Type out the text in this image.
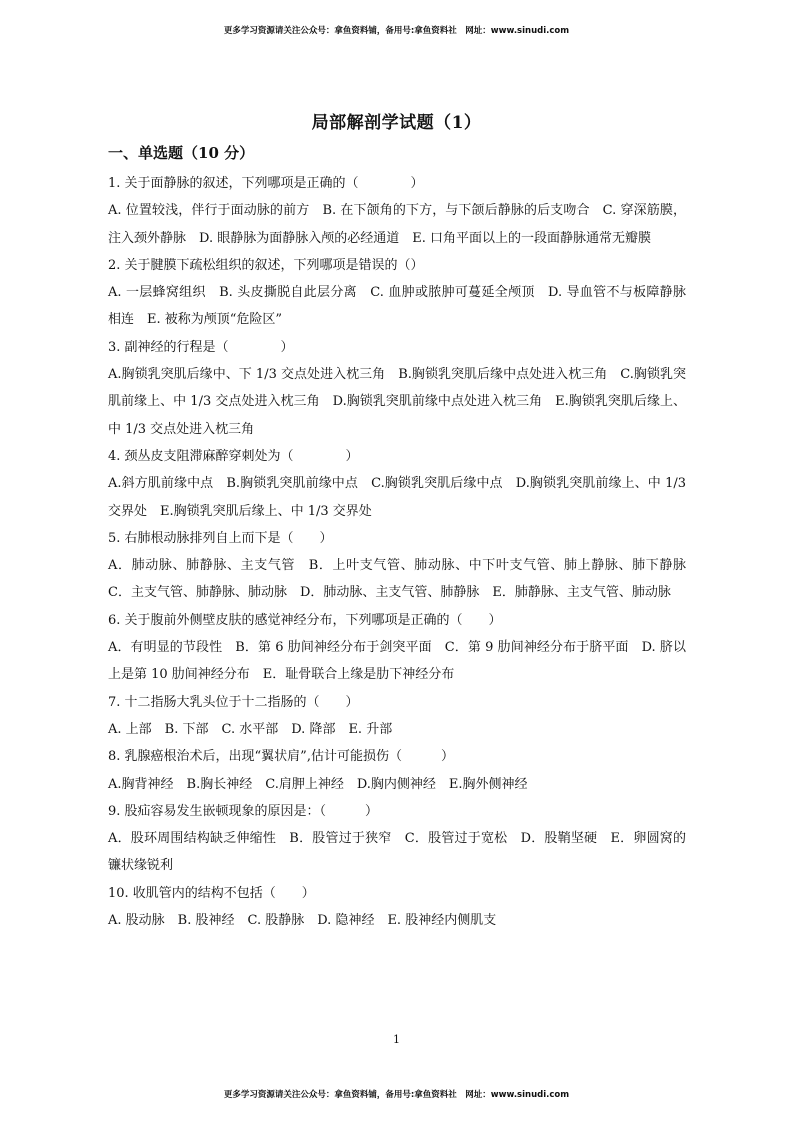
更多学习资源请关注公众号：拿鱼资料铺，备用号:拿鱼资料社　网址：www.sinudi.com
局部解剖学试题（1）
一、单选题（10 分）

1. 关于面静脉的叙述，下列哪项是正确的（　　　　）

A. 位置较浅，伴行于面动脉的前方　B. 在下颌角的下方，与下颌后静脉的后支吻合　C. 穿深筋膜，注入颈外静脉　D. 眼静脉为面静脉入颅的必经通道　E. 口角平面以上的一段面静脉通常无瓣膜

2. 关于腱膜下疏松组织的叙述，下列哪项是错误的（）

A. 一层蜂窝组织　B. 头皮撕脱自此层分离　C. 血肿或脓肿可蔓延全颅顶　D. 导血管不与板障静脉相连　E. 被称为颅顶“危险区”

3. 副神经的行程是（　　　　）

A.胸锁乳突肌后缘中、下 1/3 交点处进入枕三角　B.胸锁乳突肌后缘中点处进入枕三角　C.胸锁乳突肌前缘上、中 1/3 交点处进入枕三角　D.胸锁乳突肌前缘中点处进入枕三角　E.胸锁乳突肌后缘上、中 1/3 交点处进入枕三角

4. 颈丛皮支阻滞麻醉穿刺处为（　　　　）

A.斜方肌前缘中点　B.胸锁乳突肌前缘中点　C.胸锁乳突肌后缘中点　D.胸锁乳突肌前缘上、中 1/3 交界处　E.胸锁乳突肌后缘上、中 1/3 交界处

5. 右肺根动脉排列自上而下是（　　）

A．肺动脉、肺静脉、主支气管　B．上叶支气管、肺动脉、中下叶支气管、肺上静脉、肺下静脉　C．主支气管、肺静脉、肺动脉　D．肺动脉、主支气管、肺静脉　E．肺静脉、主支气管、肺动脉

6. 关于腹前外侧壁皮肤的感觉神经分布，下列哪项是正确的（　　）

A．有明显的节段性　B．第 6 肋间神经分布于剑突平面　C．第 9 肋间神经分布于脐平面　D. 脐以上是第 10 肋间神经分布　E．耻骨联合上缘是肋下神经分布

7. 十二指肠大乳头位于十二指肠的（　　）

A. 上部　B. 下部　C. 水平部　D. 降部　E. 升部

8. 乳腺癌根治术后，出现“翼状肩”,估计可能损伤（　　　）

A.胸背神经　B.胸长神经　C.肩胛上神经　D.胸内侧神经　E.胸外侧神经

9. 股疝容易发生嵌顿现象的原因是：（　　　）

A．股环周围结构缺乏伸缩性　B．股管过于狭窄　C．股管过于宽松　D．股鞘坚硬　E．卵圆窝的镰状缘锐利

10. 收肌管内的结构不包括（　　）

A. 股动脉　B. 股神经　C. 股静脉　D. 隐神经　E. 股神经内侧肌支

1
更多学习资源请关注公众号：拿鱼资料铺，备用号:拿鱼资料社　网址：www.sinudi.com
